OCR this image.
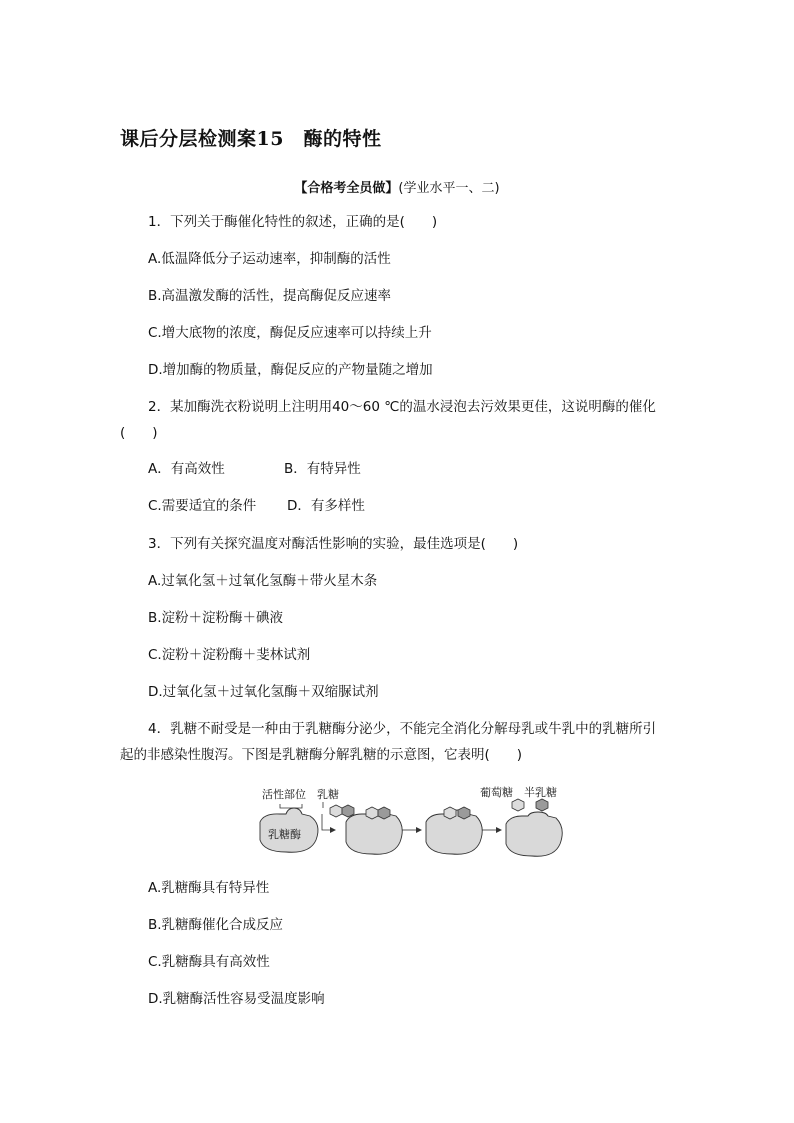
课后分层检测案15　酶的特性
【合格考全员做】(学业水平一、二)
1．下列关于酶催化特性的叙述，正确的是(　　)
A.低温降低分子运动速率，抑制酶的活性
B.高温激发酶的活性，提高酶促反应速率
C.增大底物的浓度，酶促反应速率可以持续上升
D.增加酶的物质量，酶促反应的产物量随之增加
2．某加酶洗衣粉说明上注明用40～60 ℃的温水浸泡去污效果更佳，这说明酶的催化
(　　)
A．有高效性	B．有特异性
C.需要适宜的条件 D．有多样性
3．下列有关探究温度对酶活性影响的实验，最佳选项是(　　)
A.过氧化氢＋过氧化氢酶＋带火星木条
B.淀粉＋淀粉酶＋碘液
C.淀粉＋淀粉酶＋斐林试剂
D.过氧化氢＋过氧化氢酶＋双缩脲试剂
4．乳糖不耐受是一种由于乳糖酶分泌少，不能完全消化分解母乳或牛乳中的乳糖所引
起的非感染性腹泻。下图是乳糖酶分解乳糖的示意图，它表明(　　)
活性部位 乳糖	葡萄糖 半乳糖
乳糖酶
A.乳糖酶具有特异性
B.乳糖酶催化合成反应
C.乳糖酶具有高效性
D.乳糖酶活性容易受温度影响
